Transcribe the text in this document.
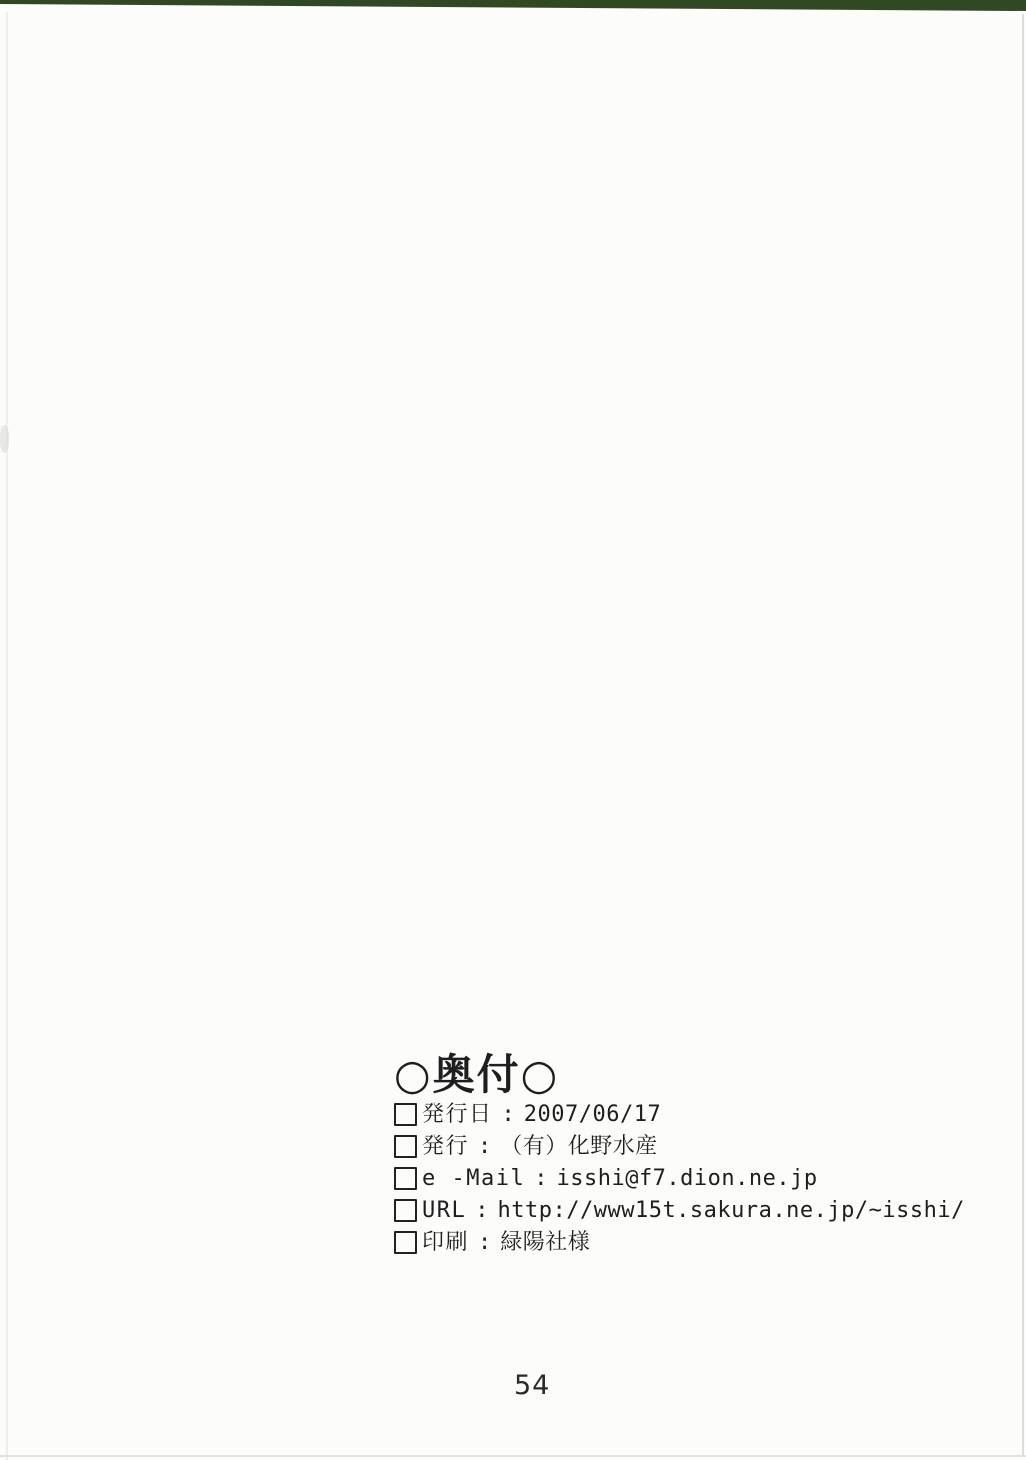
○奥付○
発行日 : 2007/06/17
発行 : （有）化野水産
e -Mail : isshi@f7.dion.ne.jp
URL : http://www15t.sakura.ne.jp/~isshi/
印刷 : 緑陽社様
54
